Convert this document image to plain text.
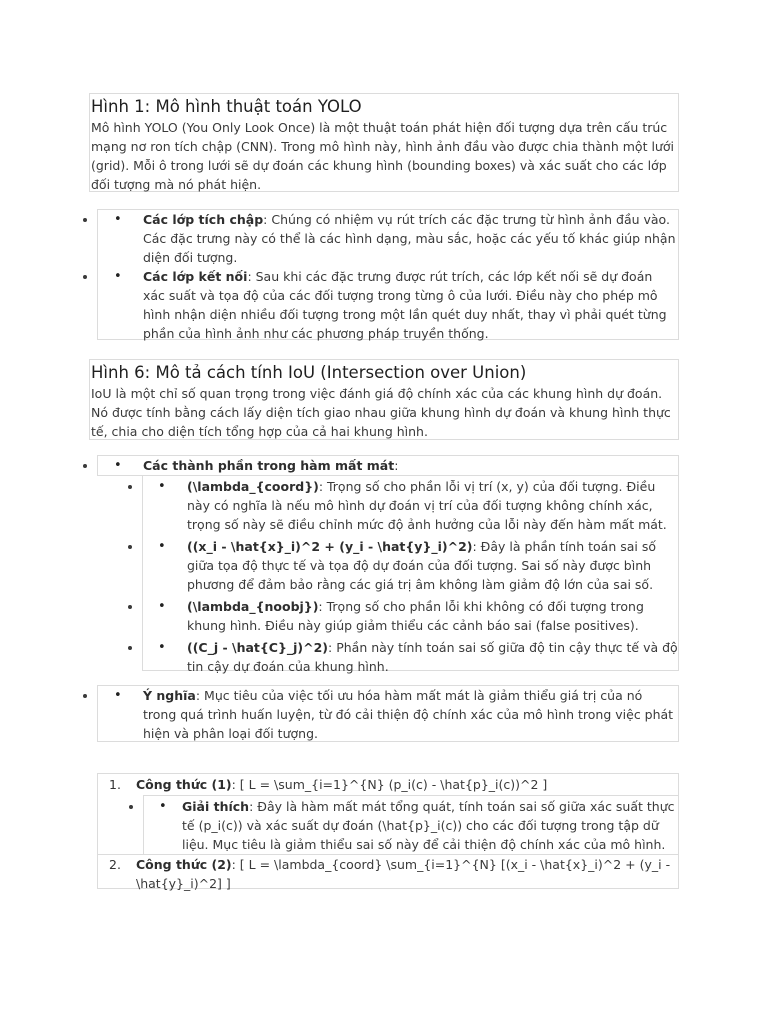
Hình 1: Mô hình thuật toán YOLO

Mô hình YOLO (You Only Look Once) là một thuật toán phát hiện đối tượng dựa trên cấu trúc mạng nơ ron tích chập (CNN). Trong mô hình này, hình ảnh đầu vào được chia thành một lưới (grid). Mỗi ô trong lưới sẽ dự đoán các khung hình (bounding boxes) và xác suất cho các lớp đối tượng mà nó phát hiện.

• • Các lớp tích chập: Chúng có nhiệm vụ rút trích các đặc trưng từ hình ảnh đầu vào. Các đặc trưng này có thể là các hình dạng, màu sắc, hoặc các yếu tố khác giúp nhận diện đối tượng.
• • Các lớp kết nối: Sau khi các đặc trưng được rút trích, các lớp kết nối sẽ dự đoán xác suất và tọa độ của các đối tượng trong từng ô của lưới. Điều này cho phép mô hình nhận diện nhiều đối tượng trong một lần quét duy nhất, thay vì phải quét từng phần của hình ảnh như các phương pháp truyền thống.
Hình 6: Mô tả cách tính IoU (Intersection over Union)

IoU là một chỉ số quan trọng trong việc đánh giá độ chính xác của các khung hình dự đoán. Nó được tính bằng cách lấy diện tích giao nhau giữa khung hình dự đoán và khung hình thực tế, chia cho diện tích tổng hợp của cả hai khung hình.

• • Các thành phần trong hàm mất mát:
• • (\lambda_{coord}): Trọng số cho phần lỗi vị trí (x, y) của đối tượng. Điều này có nghĩa là nếu mô hình dự đoán vị trí của đối tượng không chính xác, trọng số này sẽ điều chỉnh mức độ ảnh hưởng của lỗi này đến hàm mất mát.
• • ((x_i - \hat{x}_i)^2 + (y_i - \hat{y}_i)^2): Đây là phần tính toán sai số giữa tọa độ thực tế và tọa độ dự đoán của đối tượng. Sai số này được bình phương để đảm bảo rằng các giá trị âm không làm giảm độ lớn của sai số.
• • (\lambda_{noobj}): Trọng số cho phần lỗi khi không có đối tượng trong khung hình. Điều này giúp giảm thiểu các cảnh báo sai (false positives).
• • ((C_j - \hat{C}_j)^2): Phần này tính toán sai số giữa độ tin cậy thực tế và độ tin cậy dự đoán của khung hình.
• • Ý nghĩa: Mục tiêu của việc tối ưu hóa hàm mất mát là giảm thiểu giá trị của nó trong quá trình huấn luyện, từ đó cải thiện độ chính xác của mô hình trong việc phát hiện và phân loại đối tượng.
1. Công thức (1): [ L = \sum_{i=1}^{N} (p_i(c) - \hat{p}_i(c))^2 ]
• • Giải thích: Đây là hàm mất mát tổng quát, tính toán sai số giữa xác suất thực tế (p_i(c)) và xác suất dự đoán (\hat{p}_i(c)) cho các đối tượng trong tập dữ liệu. Mục tiêu là giảm thiểu sai số này để cải thiện độ chính xác của mô hình.
2. Công thức (2): [ L = \lambda_{coord} \sum_{i=1}^{N} [(x_i - \hat{x}_i)^2 + (y_i - \hat{y}_i)^2] ]
